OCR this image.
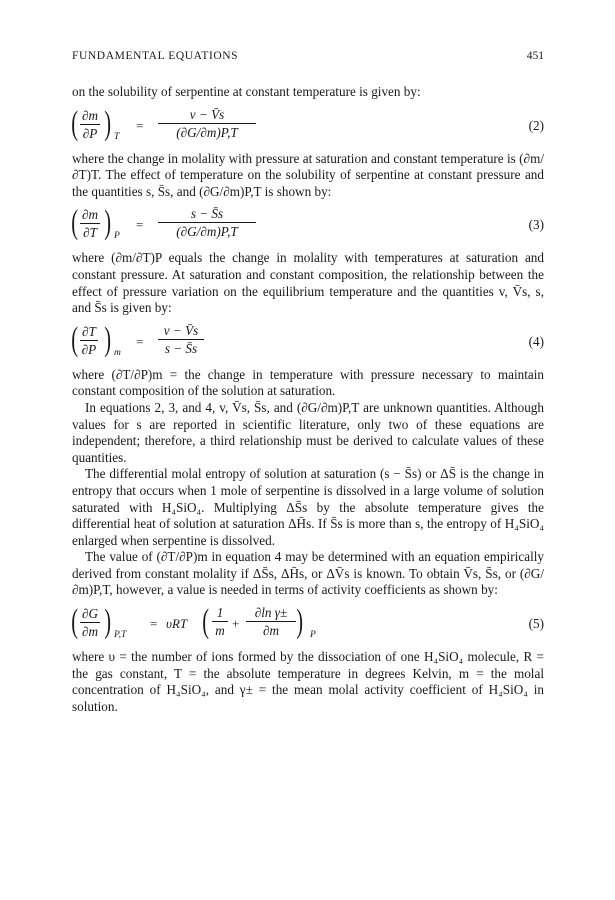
FUNDAMENTAL EQUATIONS	451

on the solubility of serpentine at constant temperature is given by:

( $\frac{\partial m}{\partial P}$ ) T
=
v − V̄s
(∂G/∂m)P,T	(2)

where the change in molality with pressure at saturation and constant temperature is (∂m/∂T)T. The effect of temperature on the solubility of serpentine at constant pressure and the quantities s, S̄s, and (∂G/∂m)P,T is shown by:

( $\frac{\partial m}{\partial T}$ ) P
=
s − S̄s
(∂G/∂m)P,T	(3)

where (∂m/∂T)P equals the change in molality with temperatures at saturation and constant pressure. At saturation and constant composition, the relationship between the effect of pressure variation on the equilibrium temperature and the quantities v, V̄s, s, and S̄s is given by:

( $\frac{\partial T}{\partial P}$ ) m
=
v − V̄s
s − S̄s	(4)

where (∂T/∂P)m = the change in temperature with pressure necessary to maintain constant composition of the solution at saturation.

In equations 2, 3, and 4, v, V̄s, S̄s, and (∂G/∂m)P,T are unknown quantities. Although values for s are reported in scientific literature, only two of these equations are independent; therefore, a third relationship must be derived to calculate values of these quantities.

The differential molal entropy of solution at saturation (s − S̄s) or ΔS̄ is the change in entropy that occurs when 1 mole of serpentine is dissolved in a large volume of solution saturated with H₄SiO₄. Multiplying ΔS̄s by the absolute temperature gives the differential heat of solution at saturation ΔH̄s. If S̄s is more than s, the entropy of H₄SiO₄ enlarged when serpentine is dissolved.

The value of (∂T/∂P)m in equation 4 may be determined with an equation empirically derived from constant molality if ΔS̄s, ΔH̄s, or ΔV̄s is known. To obtain V̄s, S̄s, or (∂G/∂m)P,T, however, a value is needed in terms of activity coefficients as shown by:

( $\frac{\partial G}{\partial m}$ ) P,T
= υRT ( 1
m +
∂ln γ±
∂m ) P
(5)

where υ = the number of ions formed by the dissociation of one H₄SiO₄ molecule, R = the gas constant, T = the absolute temperature in degrees Kelvin, m = the molal concentration of H₄SiO₄, and γ± = the mean molal activity coefficient of H₄SiO₄ in solution.
